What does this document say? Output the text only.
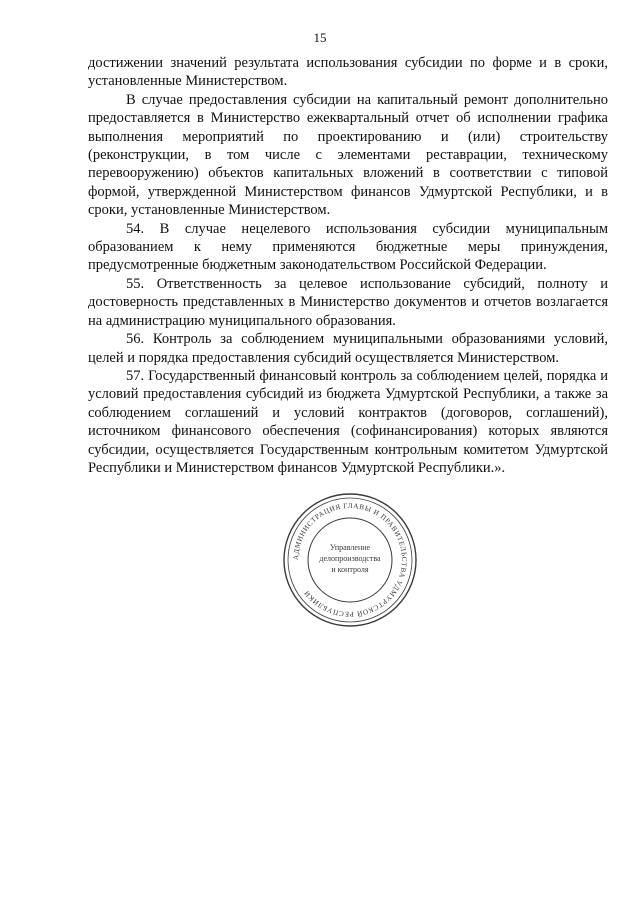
15

достижении значений результата использования субсидии по форме и в сроки, установленные Министерством.

В случае предоставления субсидии на капитальный ремонт дополнительно предоставляется в Министерство ежеквартальный отчет об исполнении графика выполнения мероприятий по проектированию и (или) строительству (реконструкции, в том числе с элементами реставрации, техническому перевооружению) объектов капитальных вложений в соответствии с типовой формой, утвержденной Министерством финансов Удмуртской Республики, и в сроки, установленные Министерством.

54. В случае нецелевого использования субсидии муниципальным образованием к нему применяются бюджетные меры принуждения, предусмотренные бюджетным законодательством Российской Федерации.

55. Ответственность за целевое использование субсидий, полноту и достоверность представленных в Министерство документов и отчетов возлагается на администрацию муниципального образования.

56. Контроль за соблюдением муниципальными образованиями условий, целей и порядка предоставления субсидий осуществляется Министерством.

57. Государственный финансовый контроль за соблюдением целей, порядка и условий предоставления субсидий из бюджета Удмуртской Республики, а также за соблюдением соглашений и условий контрактов (договоров, соглашений), источником финансового обеспечения (софинансирования) которых являются субсидии, осуществляется Государственным контрольным комитетом Удмуртской Республики и Министерством финансов Удмуртской Республики.».

АДМИНИСТРАЦИЯ ГЛАВЫ И ПРАВИТЕЛЬСТВА УДМУРТСКОЙ РЕСПУБЛИКИ
Управление
делопроизводства
и контроля
